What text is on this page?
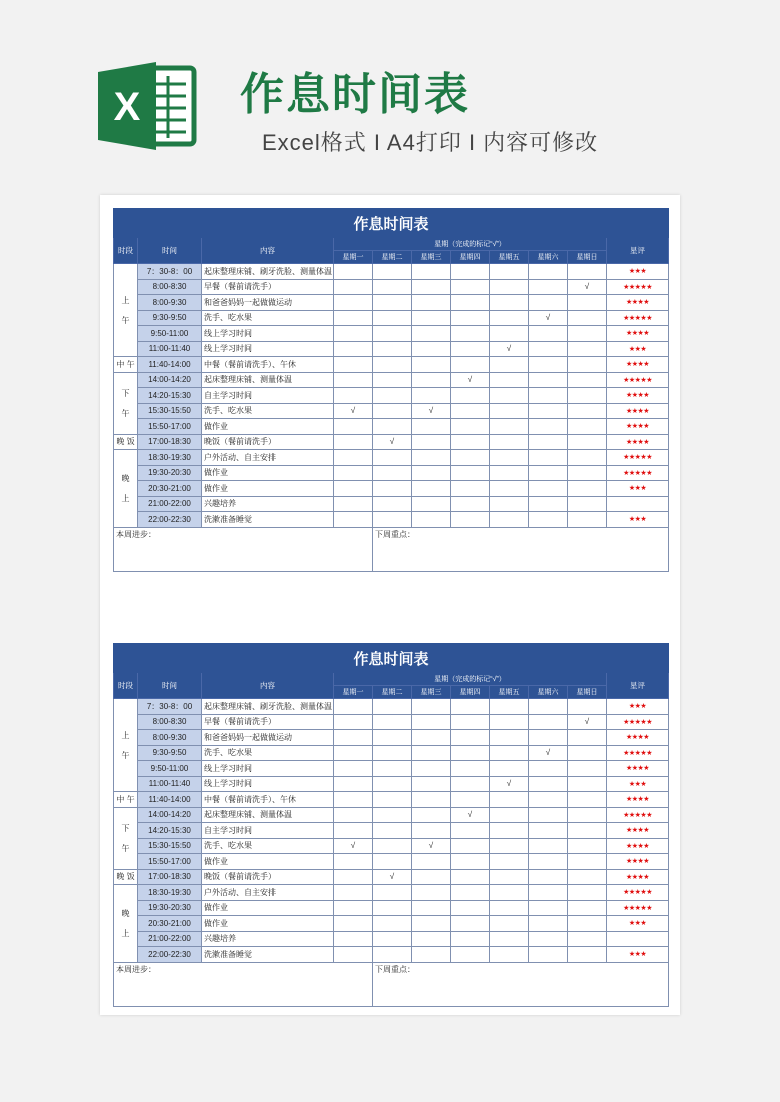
X 作息时间表
Excel格式 I A4打印 I 内容可修改
作息时间表										
时段	时间	内容	星期（完成的标记“√”）							星评
			星期一	星期二	星期三	星期四	星期五	星期六	星期日	
上

午	7：30-8：00	起床整理床铺、刷牙洗脸、测量体温								★★★
	8:00-8:30	早餐（餐前请洗手）							√	★★★★★
	8:00-9:30	和爸爸妈妈一起做做运动								★★★★
	9:30-9:50	洗手、吃水果						√		★★★★★
	9:50-11:00	线上学习时间								★★★★
	11:00-11:40	线上学习时间					√			★★★
中 午	11:40-14:00	中餐（餐前请洗手）、午休								★★★★
下

午	14:00-14:20	起床整理床铺、测量体温				√				★★★★★
	14:20-15:30	自主学习时间								★★★★
	15:30-15:50	洗手、吃水果	√		√					★★★★
	15:50-17:00	做作业								★★★★
晚 饭	17:00-18:30	晚饭（餐前请洗手）		√						★★★★
晚

上	18:30-19:30	户外活动、自主安排								★★★★★
	19:30-20:30	做作业								★★★★★
	20:30-21:00	做作业								★★★
	21:00-22:00	兴趣培养								
	22:00-22:30	洗漱准备睡觉								★★★
本周进步：				下周重点：						
作息时间表										
时段	时间	内容	星期（完成的标记“√”）							星评
			星期一	星期二	星期三	星期四	星期五	星期六	星期日	
上

午	7：30-8：00	起床整理床铺、刷牙洗脸、测量体温								★★★
	8:00-8:30	早餐（餐前请洗手）							√	★★★★★
	8:00-9:30	和爸爸妈妈一起做做运动								★★★★
	9:30-9:50	洗手、吃水果						√		★★★★★
	9:50-11:00	线上学习时间								★★★★
	11:00-11:40	线上学习时间					√			★★★
中 午	11:40-14:00	中餐（餐前请洗手）、午休								★★★★
下

午	14:00-14:20	起床整理床铺、测量体温				√				★★★★★
	14:20-15:30	自主学习时间								★★★★
	15:30-15:50	洗手、吃水果	√		√					★★★★
	15:50-17:00	做作业								★★★★
晚 饭	17:00-18:30	晚饭（餐前请洗手）		√						★★★★
晚

上	18:30-19:30	户外活动、自主安排								★★★★★
	19:30-20:30	做作业								★★★★★
	20:30-21:00	做作业								★★★
	21:00-22:00	兴趣培养								
	22:00-22:30	洗漱准备睡觉								★★★
本周进步：				下周重点：						
